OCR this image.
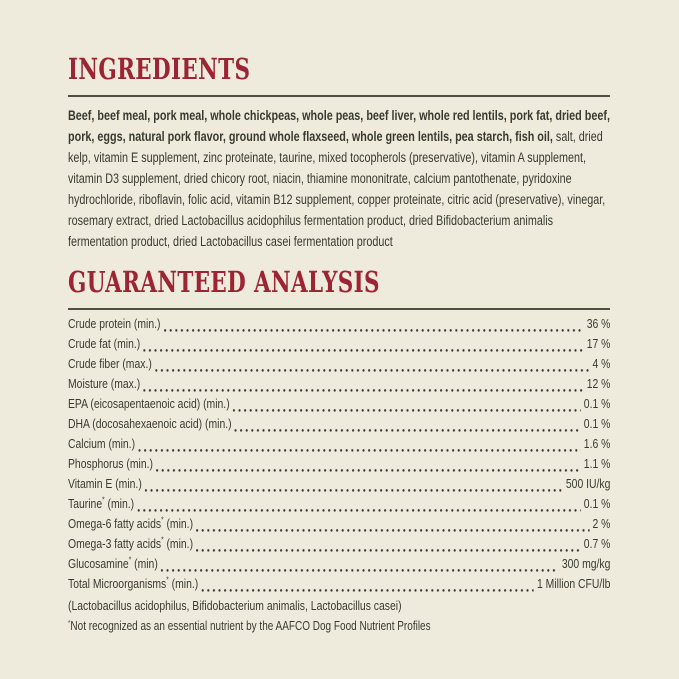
INGREDIENTS

Beef, beef meal, pork meal, whole chickpeas, whole peas, beef liver, whole red lentils, pork fat, dried beef, pork, eggs, natural pork flavor, ground whole flaxseed, whole green lentils, pea starch, fish oil, salt, dried kelp, vitamin E supplement, zinc proteinate, taurine, mixed tocopherols (preservative), vitamin A supplement, vitamin D3 supplement, dried chicory root, niacin, thiamine mononitrate, calcium pantothenate, pyridoxine hydrochloride, riboflavin, folic acid, vitamin B12 supplement, copper proteinate, citric acid (preservative), vinegar, rosemary extract, dried Lactobacillus acidophilus fermentation product, dried Bifidobacterium animalis fermentation product, dried Lactobacillus casei fermentation product

GUARANTEED ANALYSIS
Crude protein (min.)	36 %
Crude fat (min.)	17 %
Crude fiber (max.)	4 %
Moisture (max.)	12 %
EPA (eicosapentaenoic acid) (min.)	0.1 %
DHA (docosahexaenoic acid) (min.)	0.1 %
Calcium (min.)	1.6 %
Phosphorus (min.)	1.1 %
Vitamin E (min.)	500 IU/kg
Taurine* (min.)	0.1 %
Omega-6 fatty acids* (min.)	2 %
Omega-3 fatty acids* (min.)	0.7 %
Glucosamine* (min)	300 mg/kg
Total Microorganisms* (min.)	1 Million CFU/lb
(Lactobacillus acidophilus, Bifidobacterium animalis, Lactobacillus casei)
*Not recognized as an essential nutrient by the AAFCO Dog Food Nutrient Profiles
